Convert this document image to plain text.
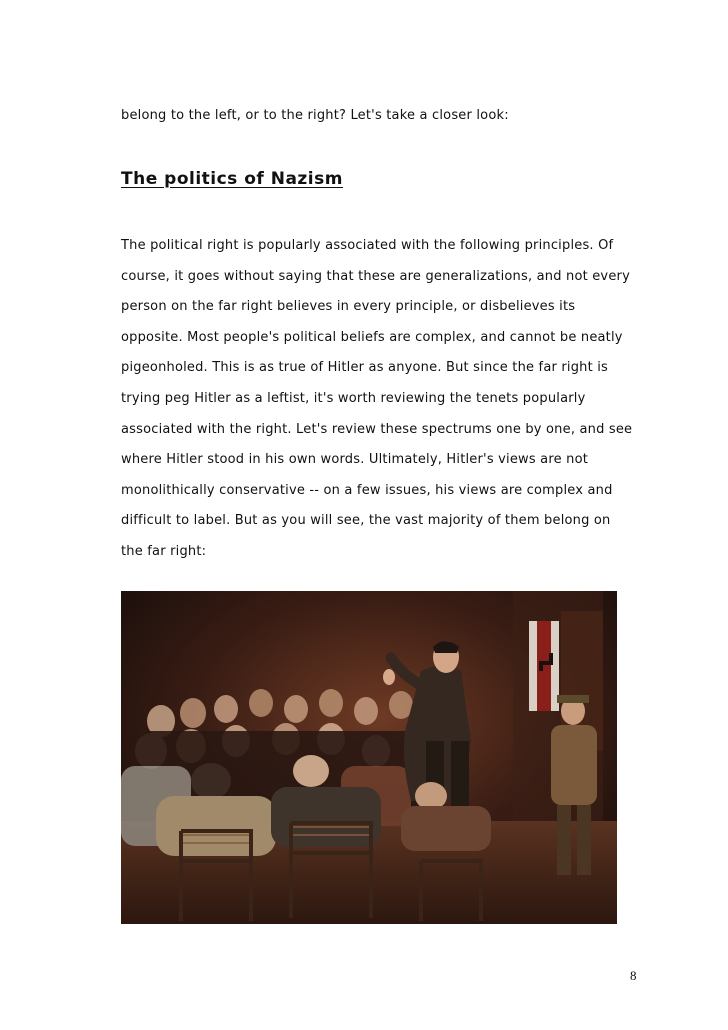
belong to the left, or to the right? Let's take a closer look:
The politics of Nazism
The political right is popularly associated with the following principles. Of
course, it goes without saying that these are generalizations, and not every
person on the far right believes in every principle, or disbelieves its
opposite. Most people's political beliefs are complex, and cannot be neatly
pigeonholed. This is as true of Hitler as anyone. But since the far right is
trying peg Hitler as a leftist, it's worth reviewing the tenets popularly
associated with the right. Let's review these spectrums one by one, and see
where Hitler stood in his own words. Ultimately, Hitler's views are not
monolithically conservative -- on a few issues, his views are complex and
difficult to label. But as you will see, the vast majority of them belong on
the far right:
8
